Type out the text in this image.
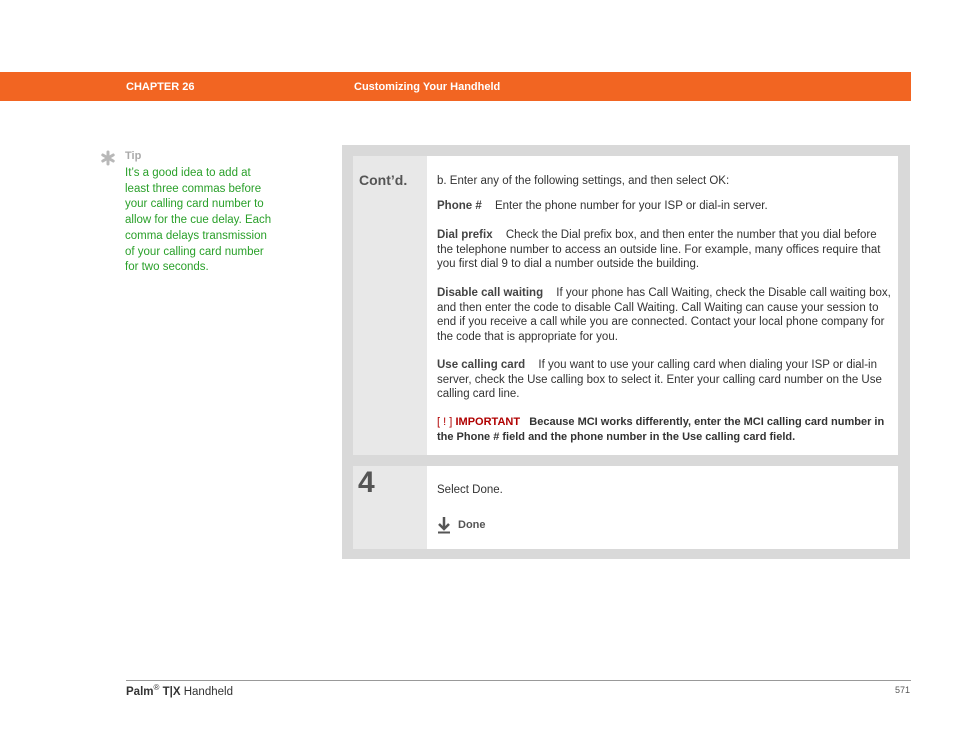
CHAPTER 26	Customizing Your Handheld
Tip
It’s a good idea to add at least three commas before your calling card number to allow for the cue delay. Each comma delays transmission of your calling card number for two seconds.
Cont’d.	b. Enter any of the following settings, and then select OK:
Phone # Enter the phone number for your ISP or dial-in server.
Dial prefix Check the Dial prefix box, and then enter the number that you dial before the telephone number to access an outside line. For example, many offices require that you first dial 9 to dial a number outside the building.
Disable call waiting If your phone has Call Waiting, check the Disable call waiting box, and then enter the code to disable Call Waiting. Call Waiting can cause your session to end if you receive a call while you are connected. Contact your local phone company for the code that is appropriate for you.
Use calling card If you want to use your calling card when dialing your ISP or dial-in server, check the Use calling box to select it. Enter your calling card number on the Use calling card line.
[ ! ] IMPORTANT Because MCI works differently, enter the MCI calling card number in the Phone # field and the phone number in the Use calling card field.
4	Select Done.
Done
Palm® T|X Handheld	571
